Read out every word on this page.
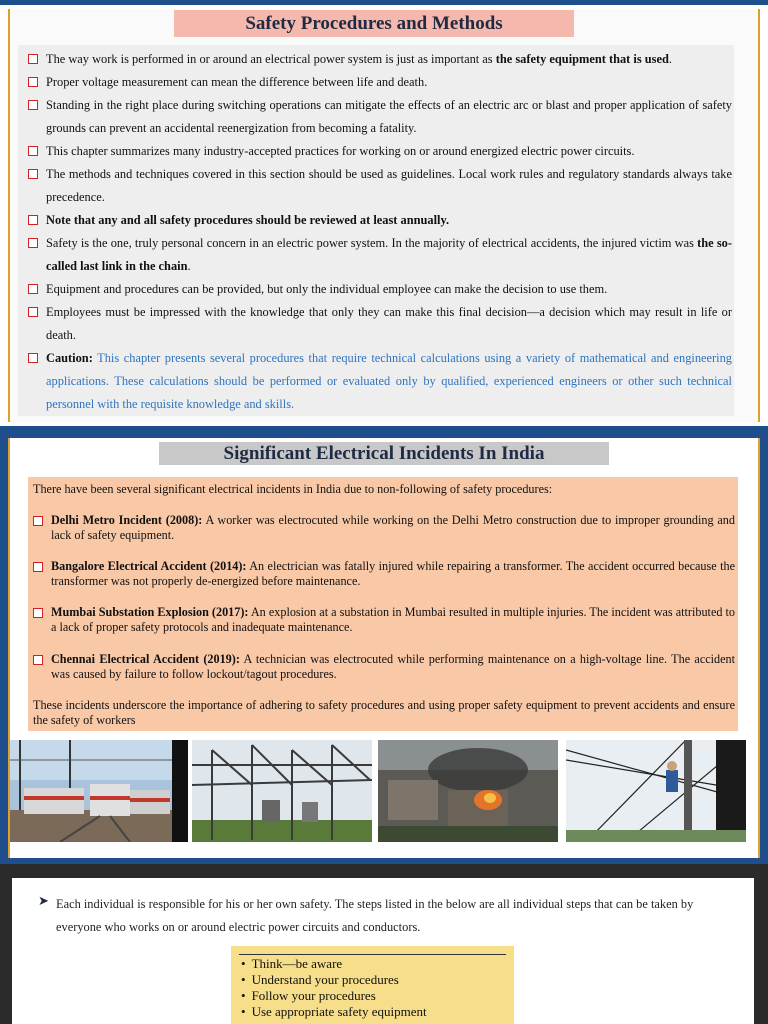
Safety Procedures and Methods
The way work is performed in or around an electrical power system is just as important as the safety equipment that is used.
Proper voltage measurement can mean the difference between life and death.
Standing in the right place during switching operations can mitigate the effects of an electric arc or blast and proper application of safety grounds can prevent an accidental reenergization from becoming a fatality.
This chapter summarizes many industry-accepted practices for working on or around energized electric power circuits.
The methods and techniques covered in this section should be used as guidelines. Local work rules and regulatory standards always take precedence.
Note that any and all safety procedures should be reviewed at least annually.
Safety is the one, truly personal concern in an electric power system. In the majority of electrical accidents, the injured victim was the so-called last link in the chain.
Equipment and procedures can be provided, but only the individual employee can make the decision to use them.
Employees must be impressed with the knowledge that only they can make this final decision—a decision which may result in life or death.
Caution: This chapter presents several procedures that require technical calculations using a variety of mathematical and engineering applications. These calculations should be performed or evaluated only by qualified, experienced engineers or other such technical personnel with the requisite knowledge and skills.
Significant Electrical Incidents In India
There have been several significant electrical incidents in India due to non-following of safety procedures:
Delhi Metro Incident (2008): A worker was electrocuted while working on the Delhi Metro construction due to improper grounding and lack of safety equipment.
Bangalore Electrical Accident (2014): An electrician was fatally injured while repairing a transformer. The accident occurred because the transformer was not properly de-energized before maintenance.
Mumbai Substation Explosion (2017): An explosion at a substation in Mumbai resulted in multiple injuries. The incident was attributed to a lack of proper safety protocols and inadequate maintenance.
Chennai Electrical Accident (2019): A technician was electrocuted while performing maintenance on a high-voltage line. The accident was caused by failure to follow lockout/tagout procedures.
These incidents underscore the importance of adhering to safety procedures and using proper safety equipment to prevent accidents and ensure the safety of workers
➤ Each individual is responsible for his or her own safety. The steps listed in the below are all individual steps that can be taken by everyone who works on or around electric power circuits and conductors.
• Think—be aware
• Understand your procedures
• Follow your procedures
• Use appropriate safety equipment
